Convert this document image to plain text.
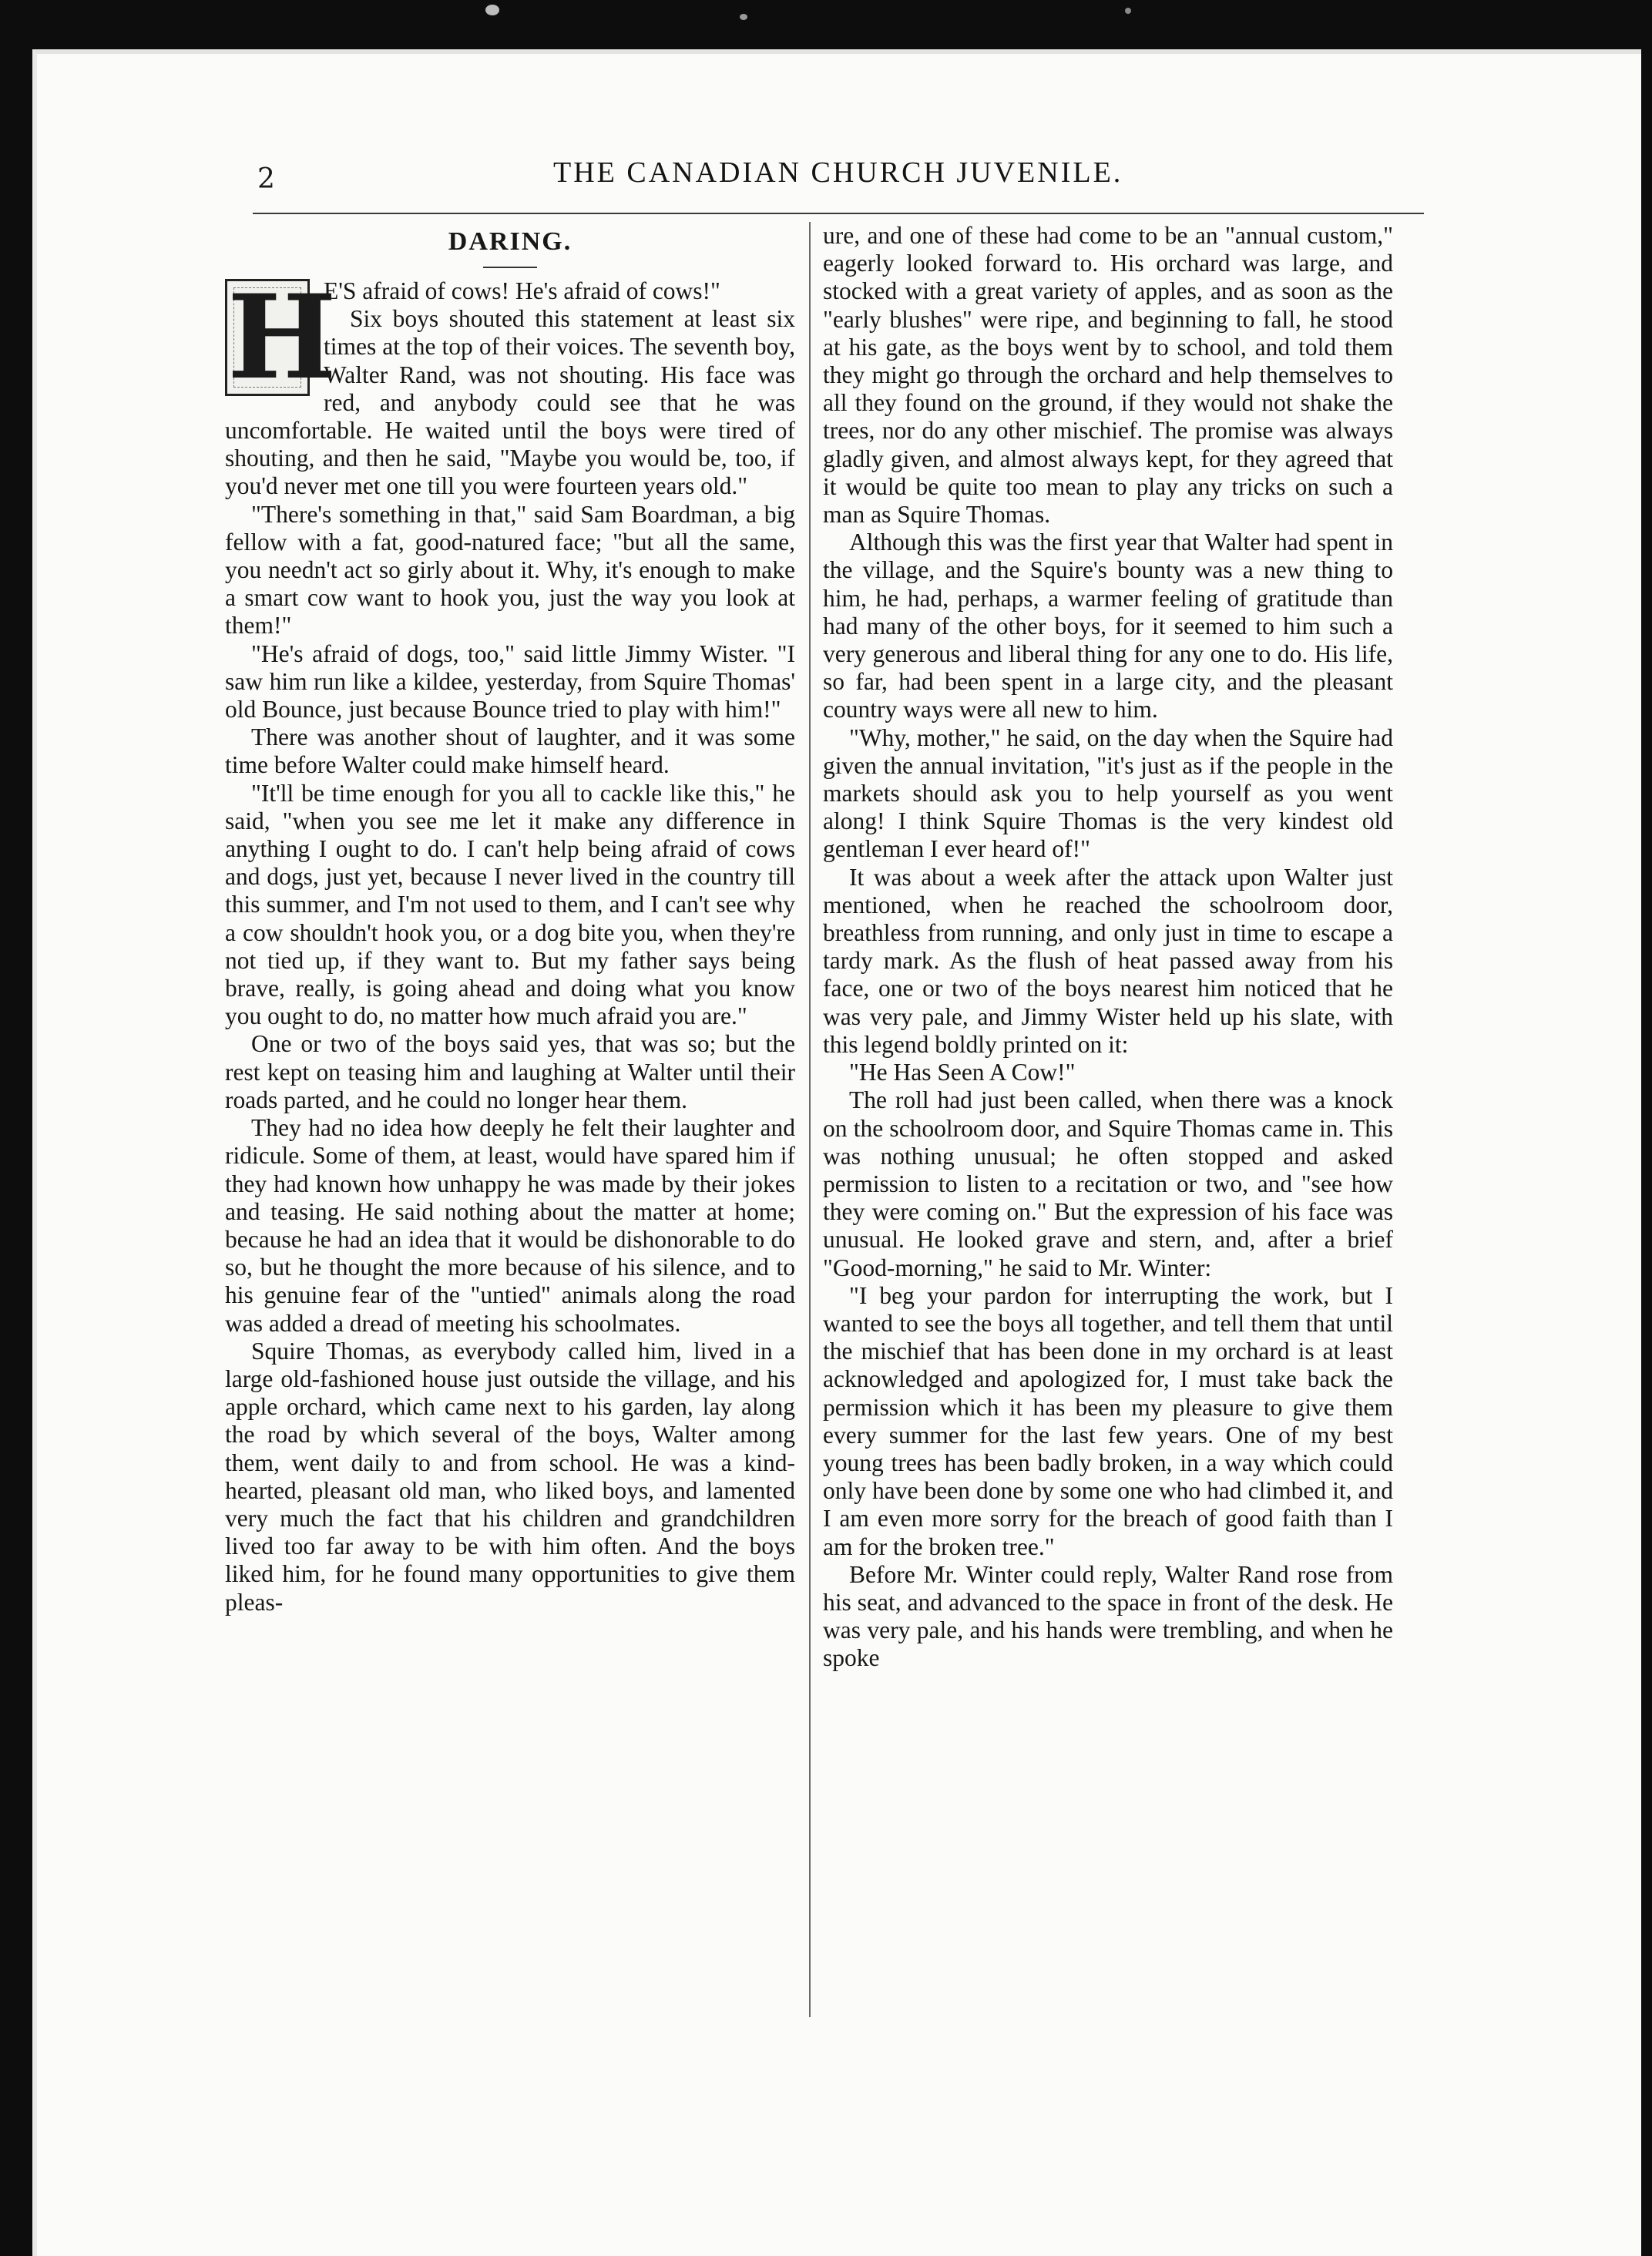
2	THE CANADIAN CHURCH JUVENILE.
DARING.
H

E'S afraid of cows! He's afraid of cows!"

Six boys shouted this statement at least six times at the top of their voices. The seventh boy, Walter Rand, was not shouting. His face was red, and anybody could see that he was uncomfortable. He waited until the boys were tired of shouting, and then he said, "Maybe you would be, too, if you'd never met one till you were fourteen years old."

"There's something in that," said Sam Boardman, a big fellow with a fat, good-natured face; "but all the same, you needn't act so girly about it. Why, it's enough to make a smart cow want to hook you, just the way you look at them!"

"He's afraid of dogs, too," said little Jimmy Wister. "I saw him run like a kildee, yesterday, from Squire Thomas' old Bounce, just because Bounce tried to play with him!"

There was another shout of laughter, and it was some time before Walter could make himself heard.

"It'll be time enough for you all to cackle like this," he said, "when you see me let it make any difference in anything I ought to do. I can't help being afraid of cows and dogs, just yet, because I never lived in the country till this summer, and I'm not used to them, and I can't see why a cow shouldn't hook you, or a dog bite you, when they're not tied up, if they want to. But my father says being brave, really, is going ahead and doing what you know you ought to do, no matter how much afraid you are."

One or two of the boys said yes, that was so; but the rest kept on teasing him and laughing at Walter until their roads parted, and he could no longer hear them.

They had no idea how deeply he felt their laughter and ridicule. Some of them, at least, would have spared him if they had known how unhappy he was made by their jokes and teasing. He said nothing about the matter at home; because he had an idea that it would be dishonorable to do so, but he thought the more because of his silence, and to his genuine fear of the "untied" animals along the road was added a dread of meeting his schoolmates.

Squire Thomas, as everybody called him, lived in a large old-fashioned house just outside the village, and his apple orchard, which came next to his garden, lay along the road by which several of the boys, Walter among them, went daily to and from school. He was a kind-hearted, pleasant old man, who liked boys, and lamented very much the fact that his children and grandchildren lived too far away to be with him often. And the boys liked him, for he found many opportunities to give them pleas-

ure, and one of these had come to be an "annual custom," eagerly looked forward to. His orchard was large, and stocked with a great variety of apples, and as soon as the "early blushes" were ripe, and beginning to fall, he stood at his gate, as the boys went by to school, and told them they might go through the orchard and help themselves to all they found on the ground, if they would not shake the trees, nor do any other mischief. The promise was always gladly given, and almost always kept, for they agreed that it would be quite too mean to play any tricks on such a man as Squire Thomas.

Although this was the first year that Walter had spent in the village, and the Squire's bounty was a new thing to him, he had, perhaps, a warmer feeling of gratitude than had many of the other boys, for it seemed to him such a very generous and liberal thing for any one to do. His life, so far, had been spent in a large city, and the pleasant country ways were all new to him.

"Why, mother," he said, on the day when the Squire had given the annual invitation, "it's just as if the people in the markets should ask you to help yourself as you went along! I think Squire Thomas is the very kindest old gentleman I ever heard of!"

It was about a week after the attack upon Walter just mentioned, when he reached the schoolroom door, breathless from running, and only just in time to escape a tardy mark. As the flush of heat passed away from his face, one or two of the boys nearest him noticed that he was very pale, and Jimmy Wister held up his slate, with this legend boldly printed on it:

"He Has Seen A Cow!"

The roll had just been called, when there was a knock on the schoolroom door, and Squire Thomas came in. This was nothing unusual; he often stopped and asked permission to listen to a recitation or two, and "see how they were coming on." But the expression of his face was unusual. He looked grave and stern, and, after a brief "Good-morning," he said to Mr. Winter:

"I beg your pardon for interrupting the work, but I wanted to see the boys all together, and tell them that until the mischief that has been done in my orchard is at least acknowledged and apologized for, I must take back the permission which it has been my pleasure to give them every summer for the last few years. One of my best young trees has been badly broken, in a way which could only have been done by some one who had climbed it, and I am even more sorry for the breach of good faith than I am for the broken tree."

Before Mr. Winter could reply, Walter Rand rose from his seat, and advanced to the space in front of the desk. He was very pale, and his hands were trembling, and when he spoke
